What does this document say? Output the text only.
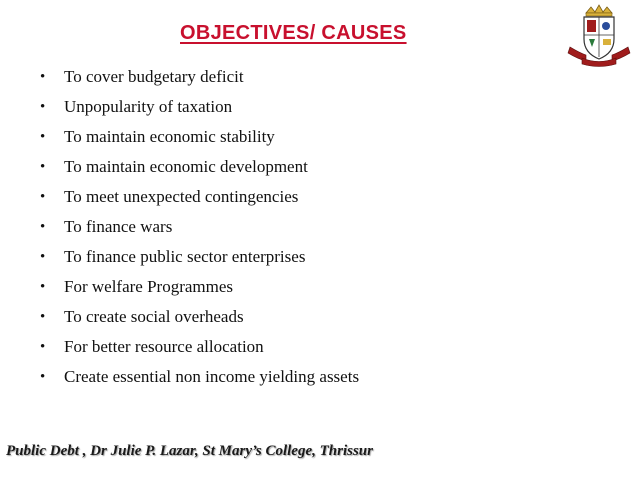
OBJECTIVES/ CAUSES
•	To cover budgetary deficit
•	Unpopularity of taxation
•	To maintain economic stability
•	To maintain economic development
•	To meet unexpected contingencies
•	To finance wars
•	To finance public sector enterprises
•	For welfare Programmes
•	To create social overheads
•	For better resource allocation
•	Create essential non income yielding assets
Public Debt , Dr Julie P. Lazar, St Mary’s College, Thrissur
